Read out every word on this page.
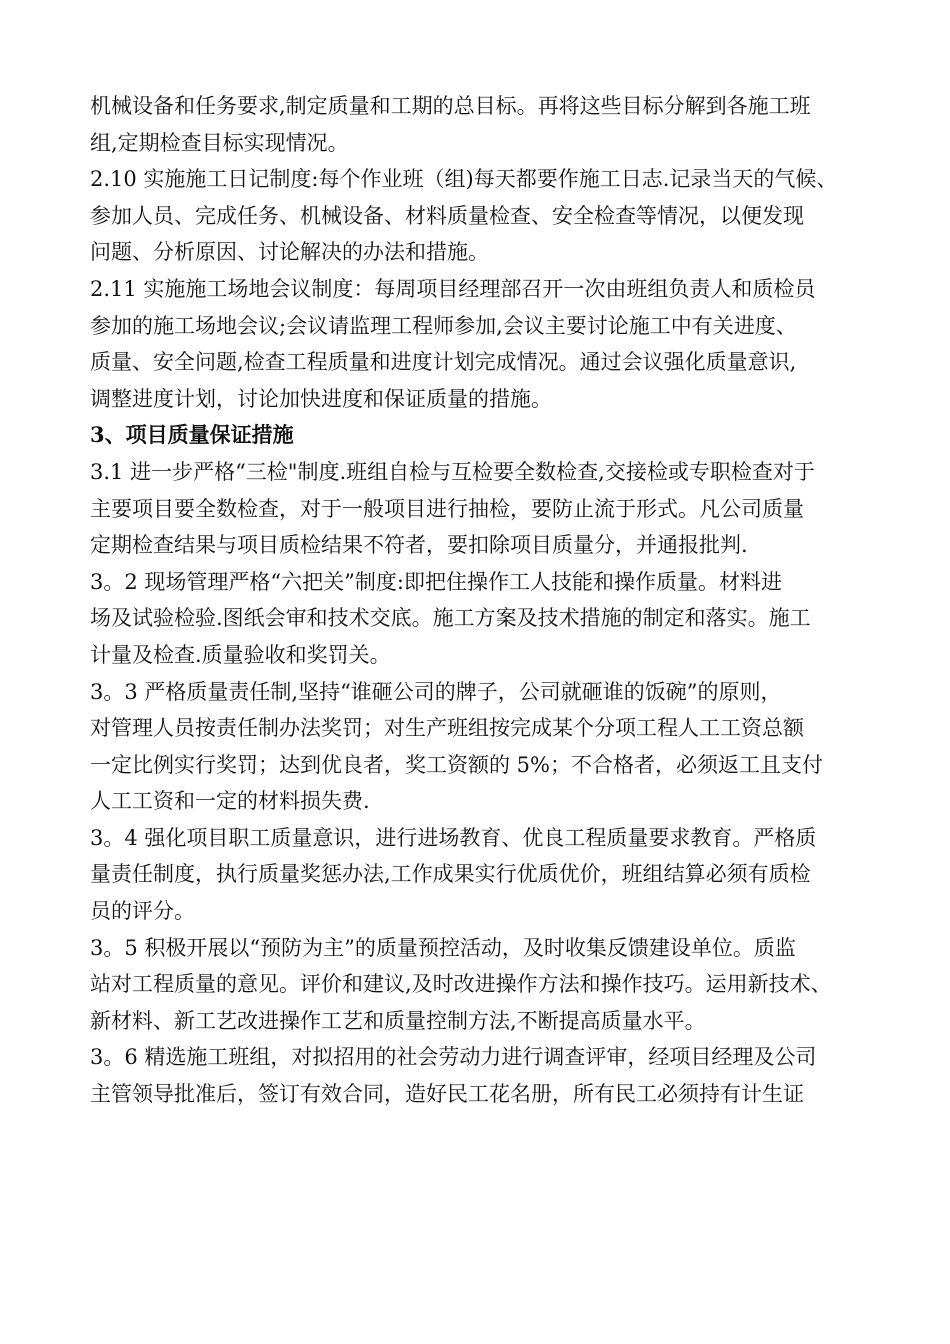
机械设备和任务要求,制定质量和工期的总目标。再将这些目标分解到各施工班
组,定期检查目标实现情况。
2.10 实施施工日记制度:每个作业班（组)每天都要作施工日志.记录当天的气候、
参加人员、完成任务、机械设备、材料质量检查、安全检查等情况，以便发现
问题、分析原因、讨论解决的办法和措施。
2.11 实施施工场地会议制度：每周项目经理部召开一次由班组负责人和质检员
参加的施工场地会议;会议请监理工程师参加,会议主要讨论施工中有关进度、
质量、安全问题,检查工程质量和进度计划完成情况。通过会议强化质量意识,
调整进度计划，讨论加快进度和保证质量的措施。
3、项目质量保证措施
3.1 进一步严格“三检"制度.班组自检与互检要全数检查,交接检或专职检查对于
主要项目要全数检查，对于一般项目进行抽检，要防止流于形式。凡公司质量
定期检查结果与项目质检结果不符者，要扣除项目质量分，并通报批判.
3。2 现场管理严格“六把关”制度:即把住操作工人技能和操作质量。材料进
场及试验检验.图纸会审和技术交底。施工方案及技术措施的制定和落实。施工
计量及检查.质量验收和奖罚关。
3。3 严格质量责任制,坚持“谁砸公司的牌子，公司就砸谁的饭碗”的原则，
对管理人员按责任制办法奖罚；对生产班组按完成某个分项工程人工工资总额
一定比例实行奖罚；达到优良者，奖工资额的 5%；不合格者，必须返工且支付
人工工资和一定的材料损失费.
3。4 强化项目职工质量意识，进行进场教育、优良工程质量要求教育。严格质
量责任制度，执行质量奖惩办法,工作成果实行优质优价，班组结算必须有质检
员的评分。
3。5 积极开展以“预防为主”的质量预控活动，及时收集反馈建设单位。质监
站对工程质量的意见。评价和建议,及时改进操作方法和操作技巧。运用新技术、
新材料、新工艺改进操作工艺和质量控制方法,不断提高质量水平。
3。6 精选施工班组，对拟招用的社会劳动力进行调查评审，经项目经理及公司
主管领导批准后，签订有效合同，造好民工花名册，所有民工必须持有计生证
